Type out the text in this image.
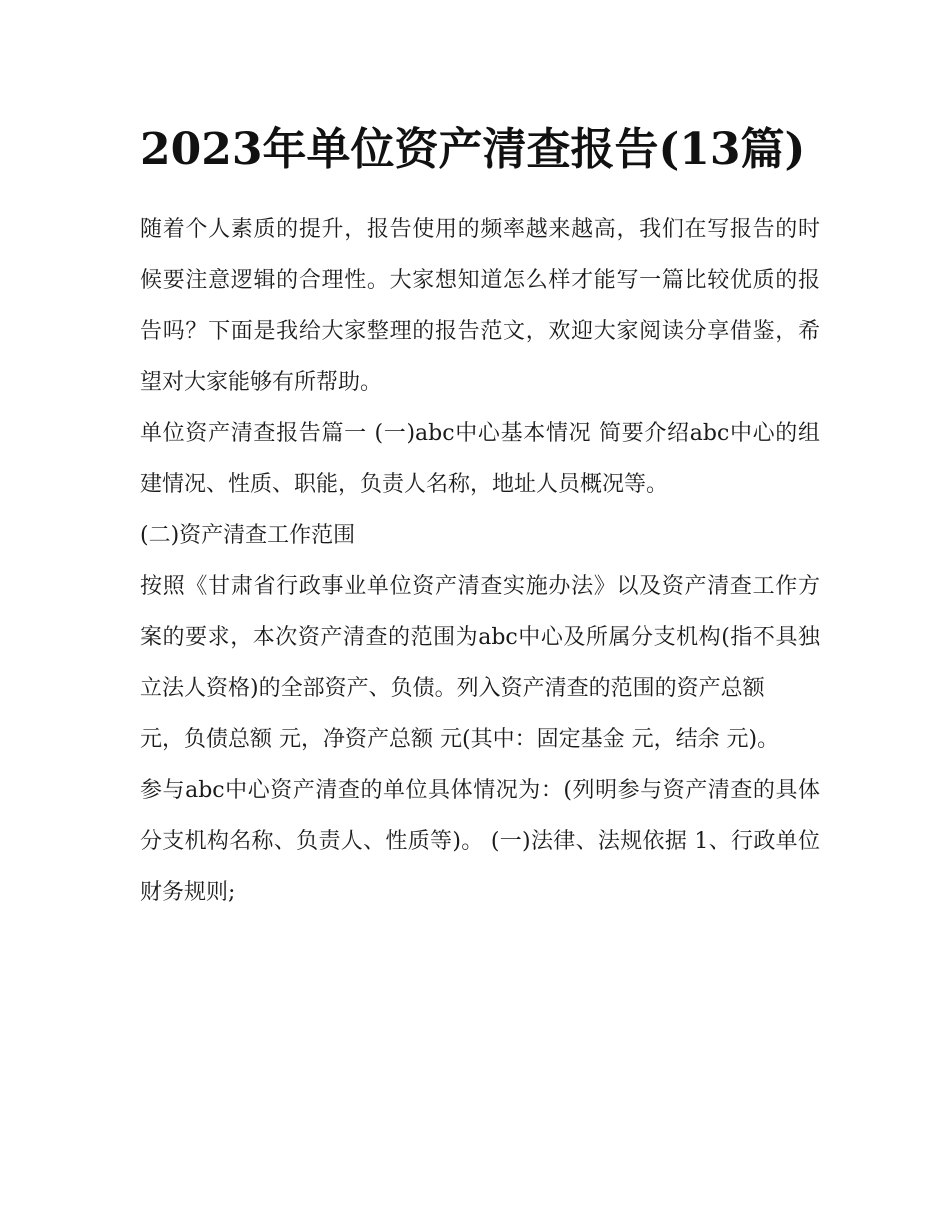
2023年单位资产清查报告(13篇)

随着个人素质的提升，报告使用的频率越来越高，我们在写报告的时候要注意逻辑的合理性。大家想知道怎么样才能写一篇比较优质的报告吗？下面是我给大家整理的报告范文，欢迎大家阅读分享借鉴，希望对大家能够有所帮助。

单位资产清查报告篇一 (一)abc中心基本情况 简要介绍abc中心的组建情况、性质、职能，负责人名称，地址人员概况等。

(二)资产清查工作范围

按照《甘肃省行政事业单位资产清查实施办法》以及资产清查工作方案的要求，本次资产清查的范围为abc中心及所属分支机构(指不具独立法人资格)的全部资产、负债。列入资产清查的范围的资产总额

元，负债总额 元，净资产总额 元(其中：固定基金 元，结余 元)。

参与abc中心资产清查的单位具体情况为：(列明参与资产清查的具体分支机构名称、负责人、性质等)。 (一)法律、法规依据 1、行政单位财务规则;
